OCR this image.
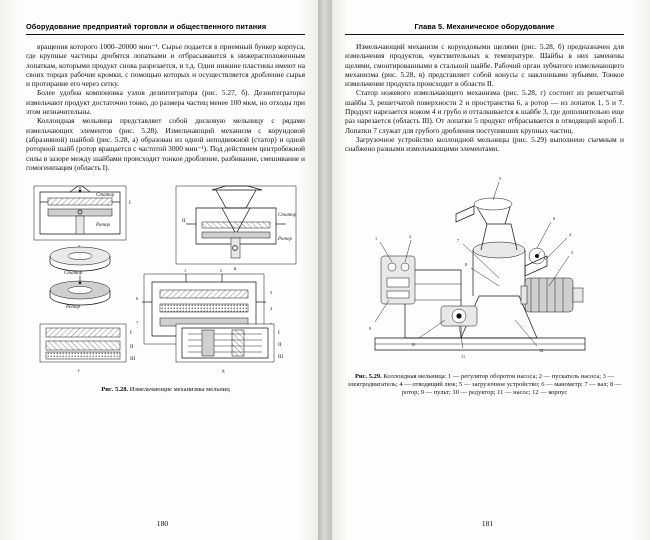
Оборудование предприятий торговли и общественного питания

вращения которого 1000–20000 мин⁻¹. Сырье подается в приемный бункер корпуса, где крупные частицы дробятся лопатками и отбрасываются к нижерасположенным лопаткам, которыми продукт снова разрезается, и т.д. Одни нижние пластины имеют на своих торцах рабочие кромки, с помощью которых и осуществляется дробление сырья и протирание его через сетку.

Более удобна компоновка узлов дезинтегратора (рис. 5.27, б). Дезинтеграторы измельчают продукт достаточно тонко, до размера частиц менее 100 мкм, но отходы при этом незначительны.

Коллоидная мельница представляет собой дисковую мельницу с рядами измельчающих элементов (рис. 5.28). Измельчающий механизм с корундовой (абразивной) шайбой (рис. 5.28, а) образован из одной неподвижной (статор) и одной роторной шайб (ротор вращается с частотой 3000 мин⁻¹). Под действием центробежной силы в зазоре между шайбами происходит тонкое дробление, разбивание, смешивание и гомогенизация (область I).

Статор
Ротор
I
Статор
Ротор
II
в
Статор
Ротор
1	2
3
4
6
7
I
II
III
г
I
II
III
д
Рис. 5.28. Измельчающие механизмы мельниц
180
Глава 5. Механическое оборудование

Измельчающий механизм с корундовыми щелями (рис. 5.28, б) предназначен для измельчения продуктов, чувствительных к температуре. Шайбы в них заменены щелями, смонтированными в стальной шайбе. Рабочий орган зубчатого измельчающего механизма (рис. 5.28, в) представляет собой конусы с наклонными зубьями. Тонкое измельчение продукта происходит в области II.

Статор ножевого измельчающего механизма (рис. 5.28, г) состоит из решетчатой шайбы 3, решетчатой поверхности 2 и пространства 6, а ротор — из лопаток 1, 5 и 7. Продукт нарезается ножом 4 и грубо и отталкивается к шайбе 3, где дополнительно еще раз нарезается (область III). От лопатки 5 продукт отбрасывается в отводящий короб 1. Лопатки 7 служат для грубого дробления поступивших крупных частиц.

Загрузочное устройство коллоидной мельницы (рис. 5.29) выполнено съемным и снабжено разными измельчающими элементами.

1	2
3
4
5
6
7
8
9
10
11
12
Рис. 5.29. Коллоидная мельница: 1 — регулятор оборотов насоса; 2 — пускатель насоса; 3 — электродвигатель; 4 — отводящий люк; 5 — загрузочное устройство; 6 — манометр; 7 — вал; 8 — ротор; 9 — пульт; 10 — редуктор; 11 — насос; 12 — корпус
181
